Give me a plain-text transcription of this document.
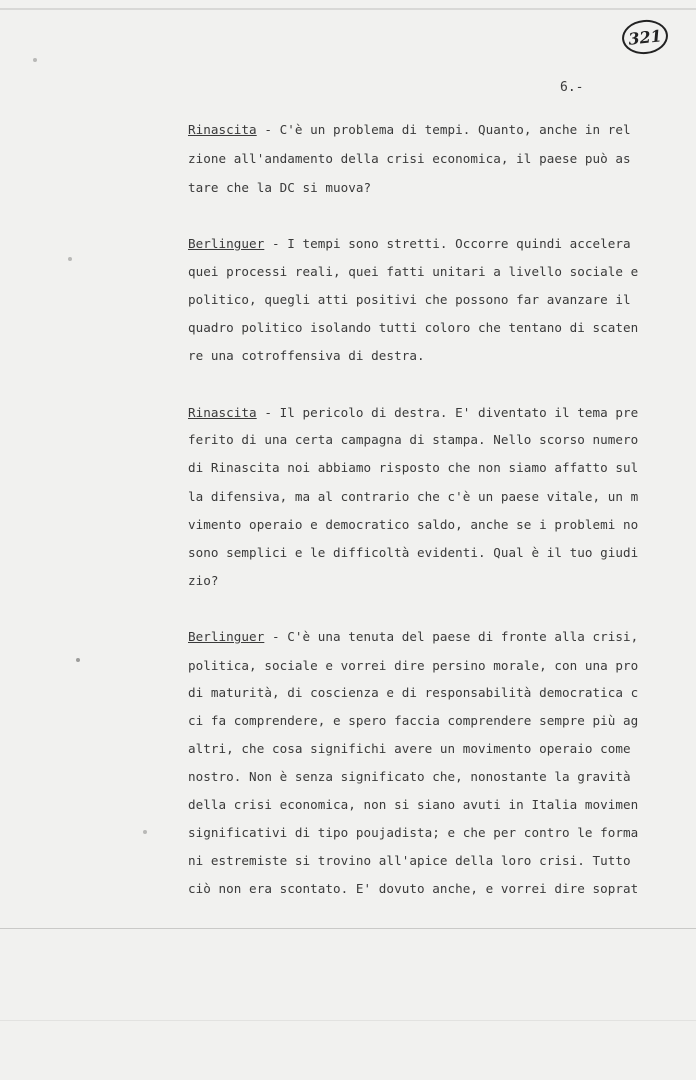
321
6.-
Rinascita - C'è un problema di tempi. Quanto, anche in rel
zione all'andamento della crisi economica, il paese può as
tare che la DC si muova?
Berlinguer - I tempi sono stretti. Occorre quindi accelera
quei processi reali, quei fatti unitari a livello sociale e
politico, quegli atti positivi che possono far avanzare il
quadro politico isolando tutti coloro che tentano di scaten
re una cotroffensiva di destra.
Rinascita - Il pericolo di destra. E' diventato il tema pre
ferito di una certa campagna di stampa. Nello scorso numero
di Rinascita noi abbiamo risposto che non siamo affatto sul
la difensiva, ma al contrario che c'è un paese vitale, un m
vimento operaio e democratico saldo, anche se i problemi no
sono semplici e le difficoltà evidenti. Qual è il tuo giudi
zio?
Berlinguer - C'è una tenuta del paese di fronte alla crisi,
politica, sociale e vorrei dire persino morale, con una pro
di maturità, di coscienza e di responsabilità democratica c
ci fa comprendere, e spero faccia comprendere sempre più ag
altri, che cosa significhi avere un movimento operaio come
nostro. Non è senza significato che, nonostante la gravità
della crisi economica, non si siano avuti in Italia movimen
significativi di tipo poujadista; e che per contro le forma
ni estremiste si trovino all'apice della loro crisi. Tutto
ciò non era scontato. E' dovuto anche, e vorrei dire soprat
